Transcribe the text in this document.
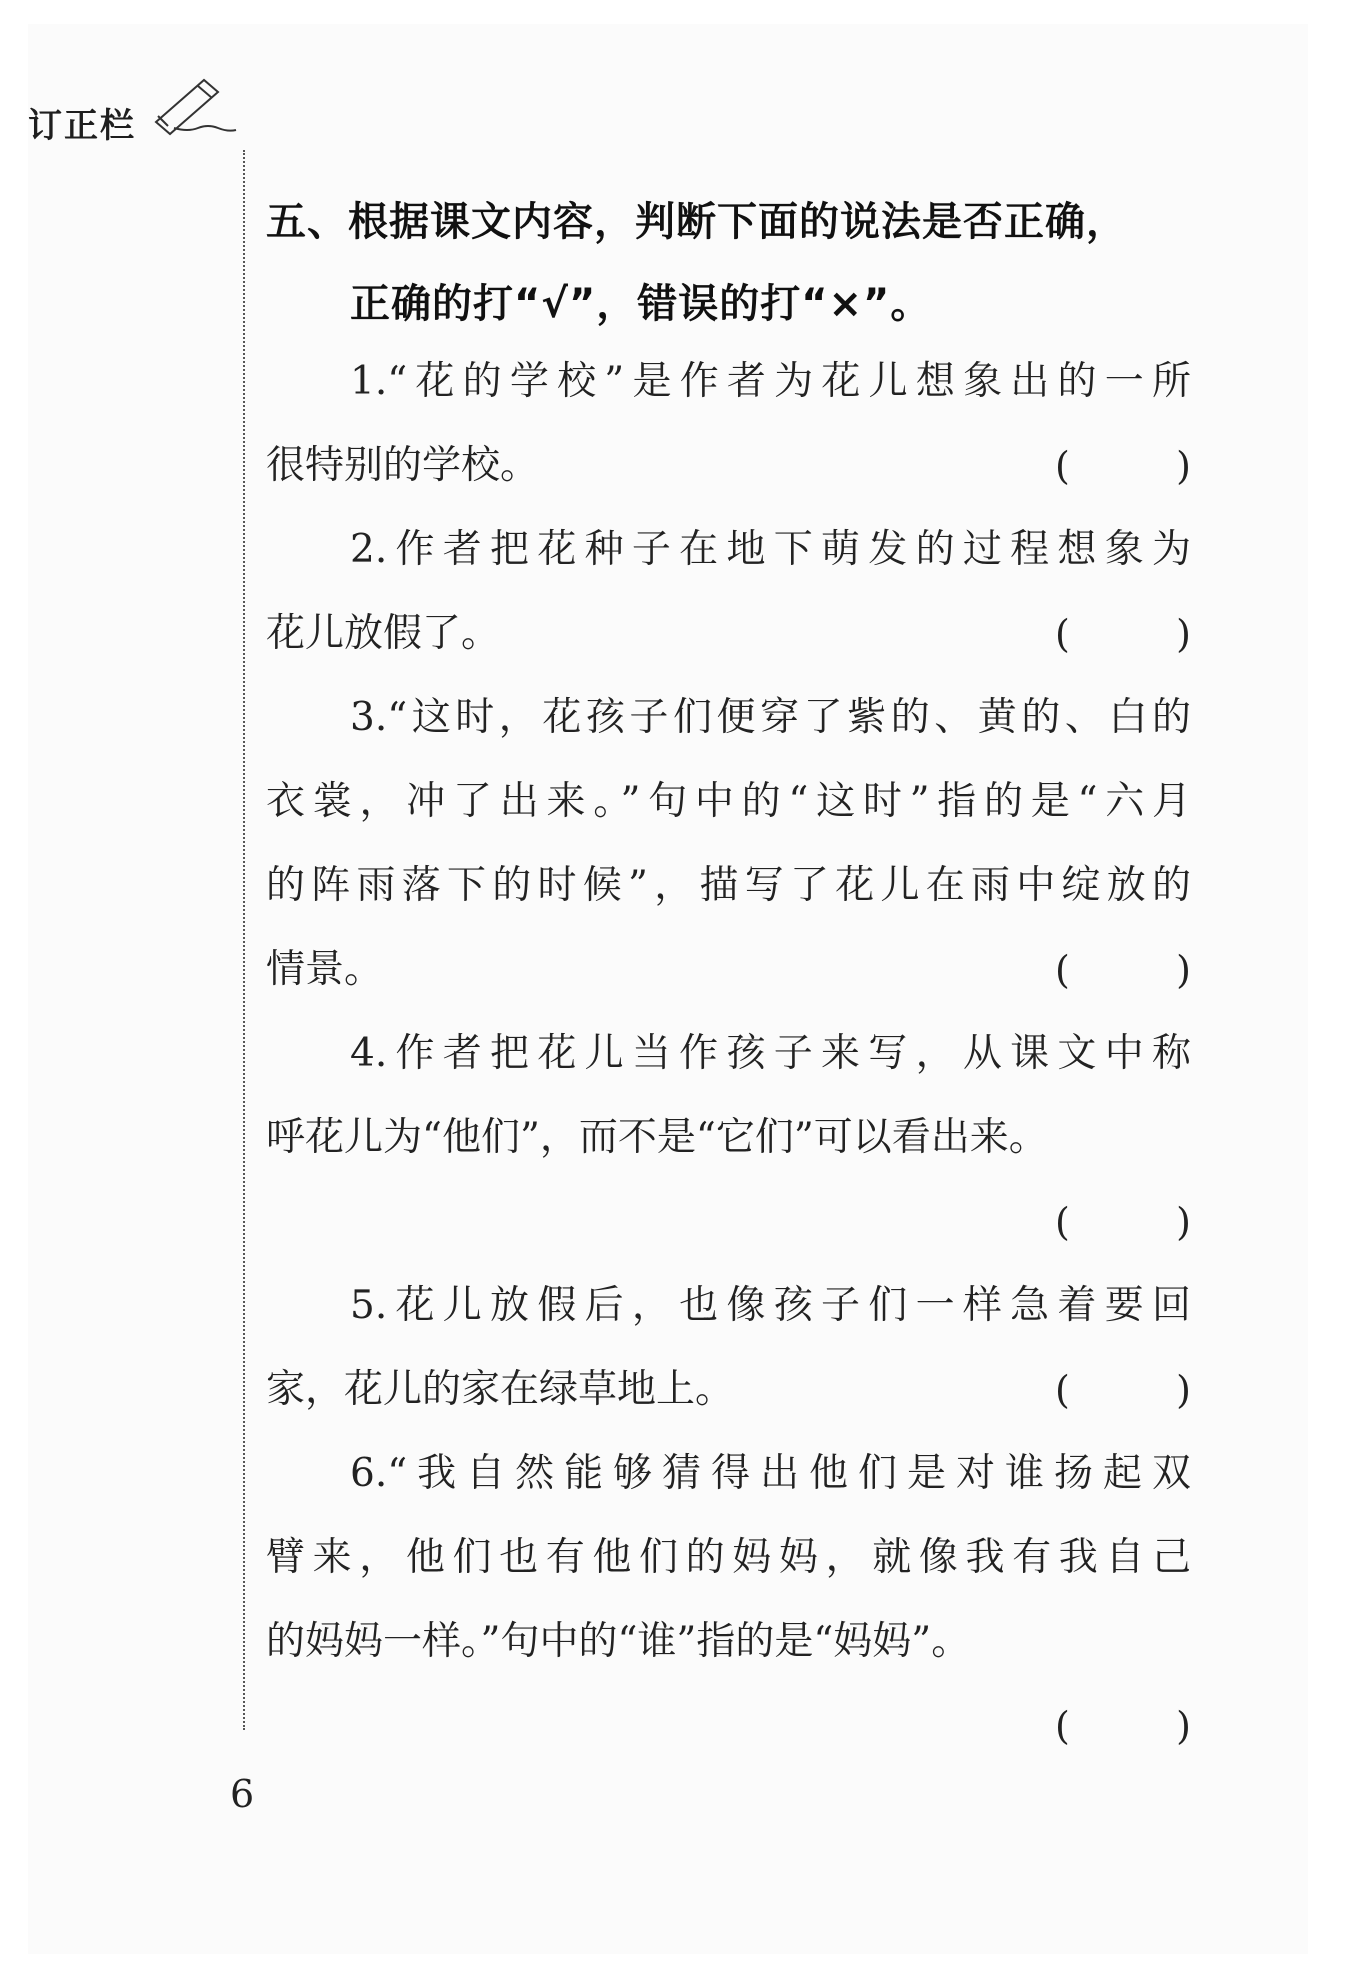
订正栏
五、根据课文内容，判断下面的说法是否正确，
正确的打“√”，错误的打“×”。
1.“花的学校”是作者为花儿想象出的一所
很特别的学校。	(　　)
2.作者把花种子在地下萌发的过程想象为
花儿放假了。	(　　)
3.“这时，花孩子们便穿了紫的、黄的、白的
衣裳，冲了出来。”句中的“这时”指的是“六月
的阵雨落下的时候”，描写了花儿在雨中绽放的
情景。	(　　)
4.作者把花儿当作孩子来写，从课文中称
呼花儿为“他们”，而不是“它们”可以看出来。
(　　)
5.花儿放假后，也像孩子们一样急着要回
家，花儿的家在绿草地上。	(　　)
6.“我自然能够猜得出他们是对谁扬起双
臂来，他们也有他们的妈妈，就像我有我自己
的妈妈一样。”句中的“谁”指的是“妈妈”。
(　　)
6
